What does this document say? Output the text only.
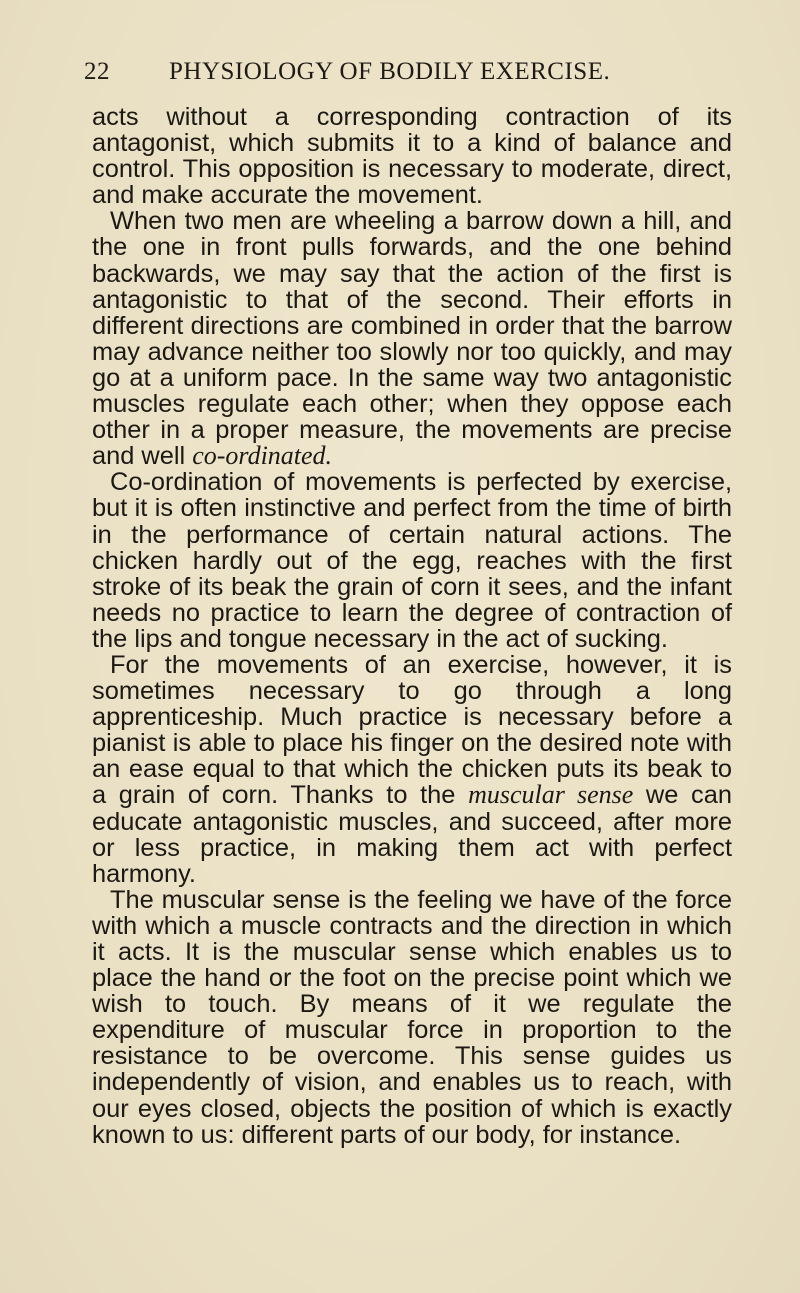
22 PHYSIOLOGY OF BODILY EXERCISE.

acts without a corresponding contraction of its antagonist, which submits it to a kind of balance and control. This opposition is necessary to moderate, direct, and make accurate the movement.

When two men are wheeling a barrow down a hill, and the one in front pulls forwards, and the one behind backwards, we may say that the action of the first is antagonistic to that of the second. Their efforts in different directions are combined in order that the barrow may advance neither too slowly nor too quickly, and may go at a uniform pace. In the same way two antagonistic muscles regulate each other; when they oppose each other in a proper measure, the movements are precise and well co-ordinated.

Co-ordination of movements is perfected by exercise, but it is often instinctive and perfect from the time of birth in the performance of certain natural actions. The chicken hardly out of the egg, reaches with the first stroke of its beak the grain of corn it sees, and the infant needs no practice to learn the degree of contraction of the lips and tongue necessary in the act of sucking.

For the movements of an exercise, however, it is sometimes necessary to go through a long apprenticeship. Much practice is necessary before a pianist is able to place his finger on the desired note with an ease equal to that which the chicken puts its beak to a grain of corn. Thanks to the muscular sense we can educate antagonistic muscles, and succeed, after more or less practice, in making them act with perfect harmony.

The muscular sense is the feeling we have of the force with which a muscle contracts and the direction in which it acts. It is the muscular sense which enables us to place the hand or the foot on the precise point which we wish to touch. By means of it we regulate the expenditure of muscular force in proportion to the resistance to be overcome. This sense guides us independently of vision, and enables us to reach, with our eyes closed, objects the position of which is exactly known to us: different parts of our body, for instance.
